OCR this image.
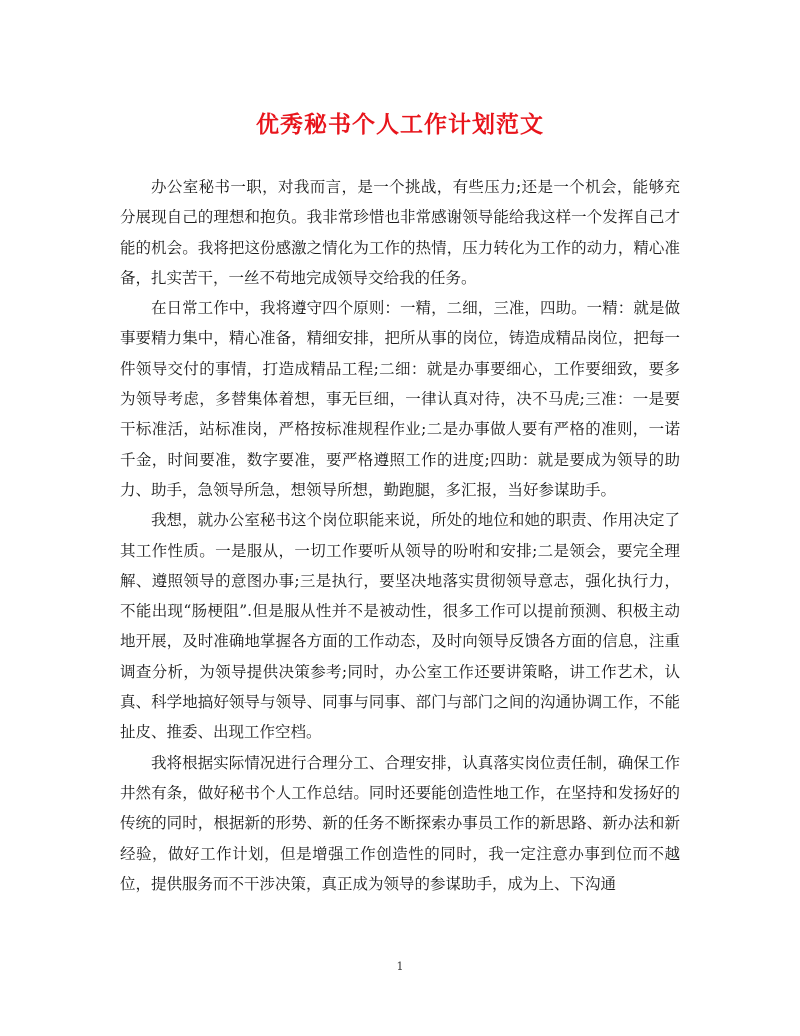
优秀秘书个人工作计划范文

办公室秘书一职，对我而言，是一个挑战，有些压力;还是一个机会，能够充分展现自己的理想和抱负。我非常珍惜也非常感谢领导能给我这样一个发挥自己才能的机会。我将把这份感激之情化为工作的热情，压力转化为工作的动力，精心准备，扎实苦干，一丝不苟地完成领导交给我的任务。

在日常工作中，我将遵守四个原则：一精，二细，三准，四助。一精：就是做事要精力集中，精心准备，精细安排，把所从事的岗位，铸造成精品岗位，把每一件领导交付的事情，打造成精品工程;二细：就是办事要细心，工作要细致，要多为领导考虑，多替集体着想，事无巨细，一律认真对待，决不马虎;三准：一是要干标准活，站标准岗，严格按标准规程作业;二是办事做人要有严格的准则，一诺千金，时间要准，数字要准，要严格遵照工作的进度;四助：就是要成为领导的助力、助手，急领导所急，想领导所想，勤跑腿，多汇报，当好参谋助手。

我想，就办公室秘书这个岗位职能来说，所处的地位和她的职责、作用决定了其工作性质。一是服从，一切工作要听从领导的吩咐和安排;二是领会，要完全理解、遵照领导的意图办事;三是执行，要坚决地落实贯彻领导意志，强化执行力，不能出现“肠梗阻”.但是服从性并不是被动性，很多工作可以提前预测、积极主动地开展，及时准确地掌握各方面的工作动态，及时向领导反馈各方面的信息，注重调查分析，为领导提供决策参考;同时，办公室工作还要讲策略，讲工作艺术，认真、科学地搞好领导与领导、同事与同事、部门与部门之间的沟通协调工作，不能扯皮、推委、出现工作空档。

我将根据实际情况进行合理分工、合理安排，认真落实岗位责任制，确保工作井然有条，做好秘书个人工作总结。同时还要能创造性地工作，在坚持和发扬好的传统的同时，根据新的形势、新的任务不断探索办事员工作的新思路、新办法和新经验，做好工作计划，但是增强工作创造性的同时，我一定注意办事到位而不越位，提供服务而不干涉决策，真正成为领导的参谋助手，成为上、下沟通

1
